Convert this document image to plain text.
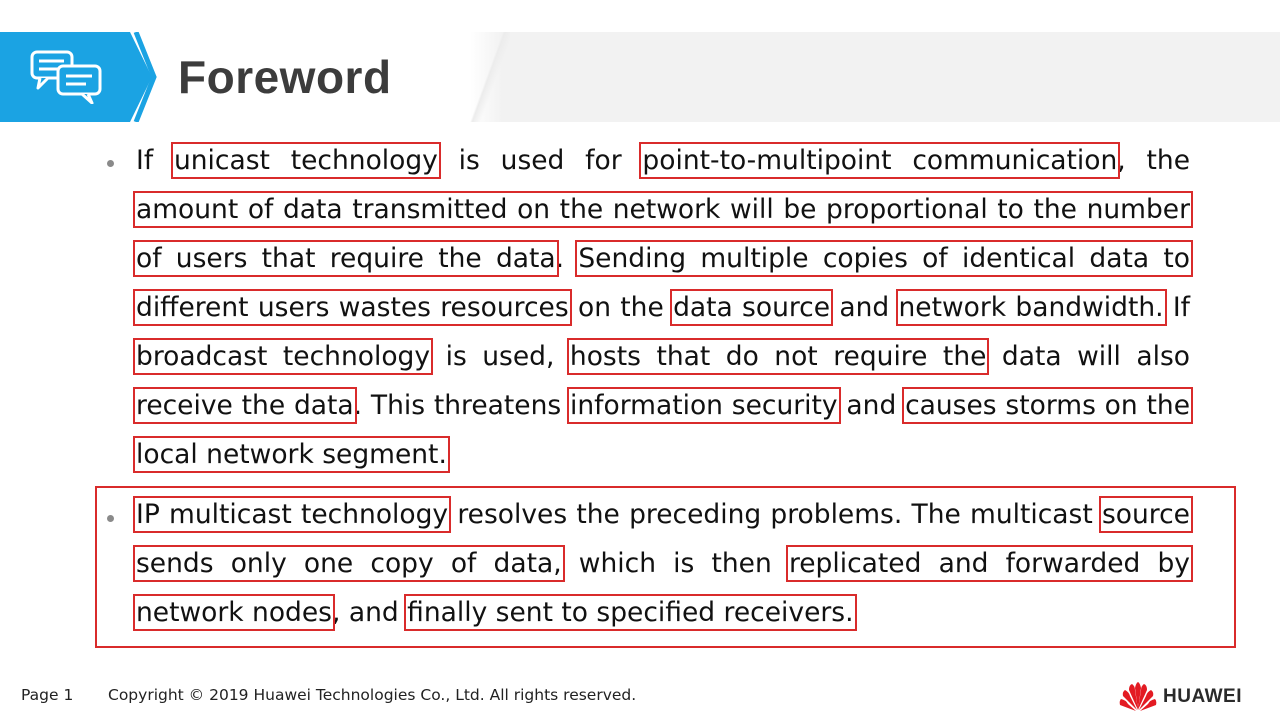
Foreword

If unicast technology is used for point-to-multipoint communication, the amount of data transmitted on the network will be proportional to the number of users that require the data. Sending multiple copies of identical data to different users wastes resources on the data source and network bandwidth. If broadcast technology is used, hosts that do not require the data will also receive the data. This threatens information security and causes storms on the local network segment.

IP multicast technology resolves the preceding problems. The multicast source sends only one copy of data, which is then replicated and forwarded by network nodes, and finally sent to specified receivers.

Page 1 Copyright © 2019 Huawei Technologies Co., Ltd. All rights reserved.	HUAWEI
